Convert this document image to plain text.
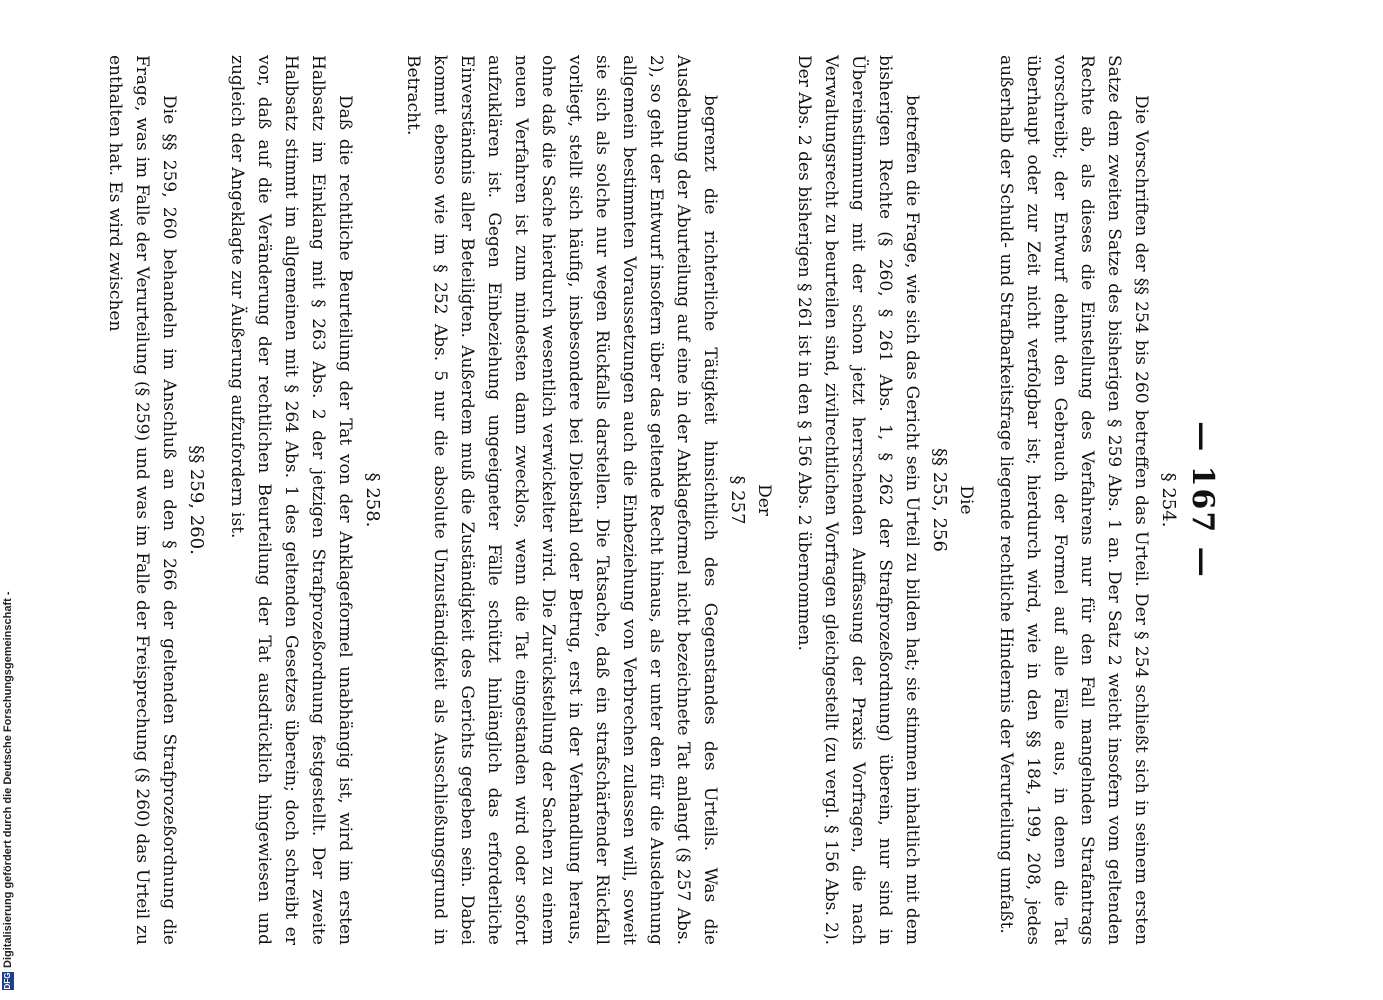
— 167 —
§ 254.

Die Vorschriften der §§ 254 bis 260 betreffen das Urteil. Der § 254 schließt sich in seinem ersten Satze dem zweiten Satze des bisherigen § 259 Abs. 1 an. Der Satz 2 weicht insofern vom geltenden Rechte ab, als dieses die Einstellung des Verfahrens nur für den Fall mangelnden Strafantrags vorschreibt; der Entwurf dehnt den Gebrauch der Formel auf alle Fälle aus, in denen die Tat überhaupt oder zur Zeit nicht verfolgbar ist; hierdurch wird, wie in den §§ 184, 199, 208, jedes außerhalb der Schuld- und Strafbarkeitsfrage liegende rechtliche Hindernis der Verurteilung umfaßt.

Die
§§ 255, 256

betreffen die Frage, wie sich das Gericht sein Urteil zu bilden hat; sie stimmen inhaltlich mit dem bisherigen Rechte (§ 260, § 261 Abs. 1, § 262 der Strafprozeßordnung) überein, nur sind in Übereinstimmung mit der schon jetzt herrschenden Auffassung der Praxis Vorfragen, die nach Verwaltungsrecht zu beurteilen sind, zivilrechtlichen Vorfragen gleichgestellt (zu vergl. § 156 Abs. 2). Der Abs. 2 des bisherigen § 261 ist in den § 156 Abs. 2 übernommen.

Der
§ 257

begrenzt die richterliche Tätigkeit hinsichtlich des Gegenstandes des Urteils. Was die Ausdehnung der Aburteilung auf eine in der Anklageformel nicht bezeichnete Tat anlangt (§ 257 Abs. 2), so geht der Entwurf insofern über das geltende Recht hinaus, als er unter den für die Ausdehnung allgemein bestimmten Voraussetzungen auch die Einbeziehung von Verbrechen zulassen will, soweit sie sich als solche nur wegen Rückfalls darstellen. Die Tatsache, daß ein strafschärfender Rückfall vorliegt, stellt sich häufig, insbesondere bei Diebstahl oder Betrug, erst in der Verhandlung heraus, ohne daß die Sache hierdurch wesentlich verwickelter wird. Die Zurückstellung der Sachen zu einem neuen Verfahren ist zum mindesten dann zwecklos, wenn die Tat eingestanden wird oder sofort aufzuklären ist. Gegen Einbeziehung ungeeigneter Fälle schützt hinlänglich das erforderliche Einverständnis aller Beteiligten. Außerdem muß die Zuständigkeit des Gerichts gegeben sein. Dabei kommt ebenso wie im § 252 Abs. 5 nur die absolute Unzuständigkeit als Ausschließungsgrund in Betracht.

§ 258.

Daß die rechtliche Beurteilung der Tat von der Anklageformel unabhängig ist, wird im ersten Halbsatz im Einklang mit § 263 Abs. 2 der jetzigen Strafprozeßordnung festgestellt. Der zweite Halbsatz stimmt im allgemeinen mit § 264 Abs. 1 des geltenden Gesetzes überein; doch schreibt er vor, daß auf die Veränderung der rechtlichen Beurteilung der Tat ausdrücklich hingewiesen und zugleich der Angeklagte zur Äußerung aufzufordern ist.

§§ 259, 260.

Die §§ 259, 260 behandeln im Anschluß an den § 266 der geltenden Strafprozeßordnung die Frage, was im Falle der Verurteilung (§ 259) und was im Falle der Freisprechung (§ 260) das Urteil zu enthalten hat. Es wird zwischen

DFG
Digitalisierung gefördert durch die Deutsche Forschungsgemeinschaft -
